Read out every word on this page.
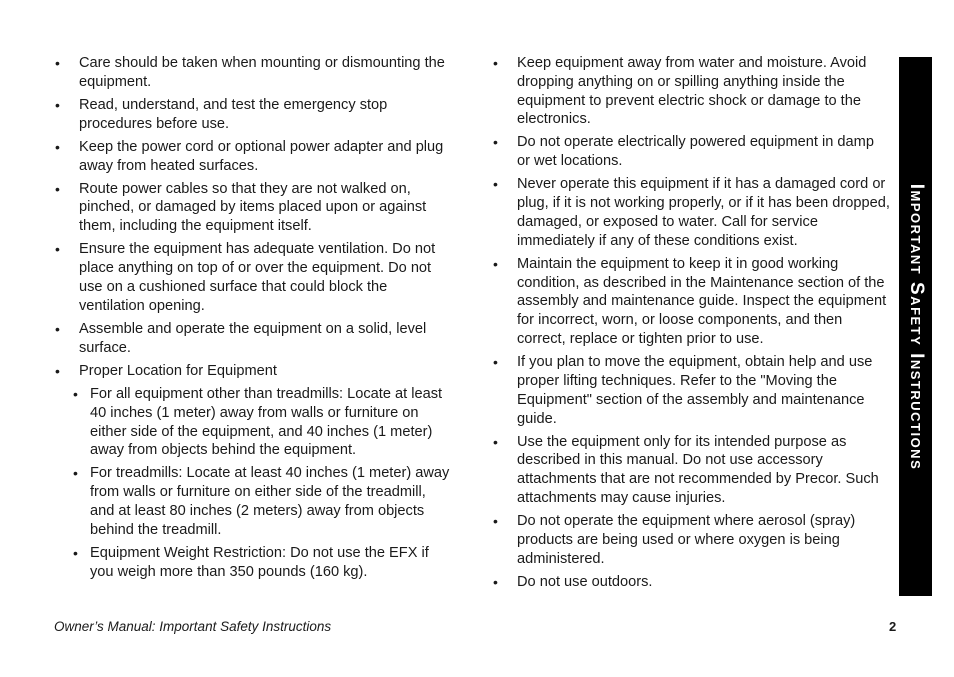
• Care should be taken when mounting or dismounting the equipment.
• Read, understand, and test the emergency stop procedures before use.
• Keep the power cord or optional power adapter and plug away from heated surfaces.
• Route power cables so that they are not walked on, pinched, or damaged by items placed upon or against them, including the equipment itself.
• Ensure the equipment has adequate ventilation. Do not place anything on top of or over the equipment. Do not use on a cushioned surface that could block the ventilation opening.
• Assemble and operate the equipment on a solid, level surface.
• Proper Location for Equipment
• For all equipment other than treadmills: Locate at least 40 inches (1 meter) away from walls or furniture on either side of the equipment, and 40 inches (1 meter) away from objects behind the equipment.
• For treadmills: Locate at least 40 inches (1 meter) away from walls or furniture on either side of the treadmill, and at least 80 inches (2 meters) away from objects behind the treadmill.
• Equipment Weight Restriction: Do not use the EFX if you weigh more than 350 pounds (160 kg).
• Keep equipment away from water and moisture. Avoid dropping anything on or spilling anything inside the equipment to prevent electric shock or damage to the electronics.
• Do not operate electrically powered equipment in damp or wet locations.
• Never operate this equipment if it has a damaged cord or plug, if it is not working properly, or if it has been dropped, damaged, or exposed to water. Call for service immediately if any of these conditions exist.
• Maintain the equipment to keep it in good working condition, as described in the Maintenance section of the assembly and maintenance guide. Inspect the equipment for incorrect, worn, or loose components, and then correct, replace or tighten prior to use.
• If you plan to move the equipment, obtain help and use proper lifting techniques. Refer to the "Moving the Equipment" section of the assembly and maintenance guide.
• Use the equipment only for its intended purpose as described in this manual. Do not use accessory attachments that are not recommended by Precor. Such attachments may cause injuries.
• Do not operate the equipment where aerosol (spray) products are being used or where oxygen is being administered.
• Do not use outdoors.
Important Safety Instructions
Owner’s Manual: Important Safety Instructions	2
